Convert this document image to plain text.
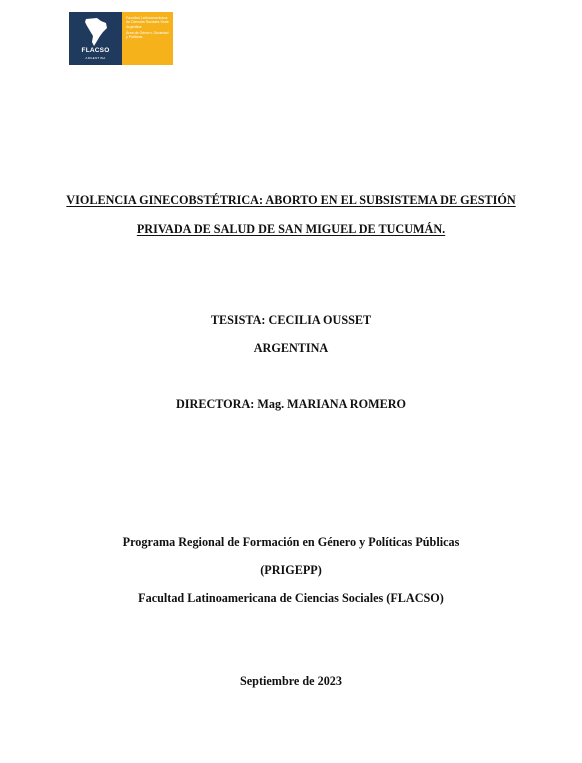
FLACSO
ARGENTINA
Facultad Latinoamericana de Ciencias Sociales Sede Argentina
Área de Género, Sociedad y Políticas
VIOLENCIA GINECOBSTÉTRICA: ABORTO EN EL SUBSISTEMA DE GESTIÓN
PRIVADA DE SALUD DE SAN MIGUEL DE TUCUMÁN.
TESISTA: CECILIA OUSSET
ARGENTINA
DIRECTORA: Mag. MARIANA ROMERO
Programa Regional de Formación en Género y Políticas Públicas
(PRIGEPP)
Facultad Latinoamericana de Ciencias Sociales (FLACSO)
Septiembre de 2023
